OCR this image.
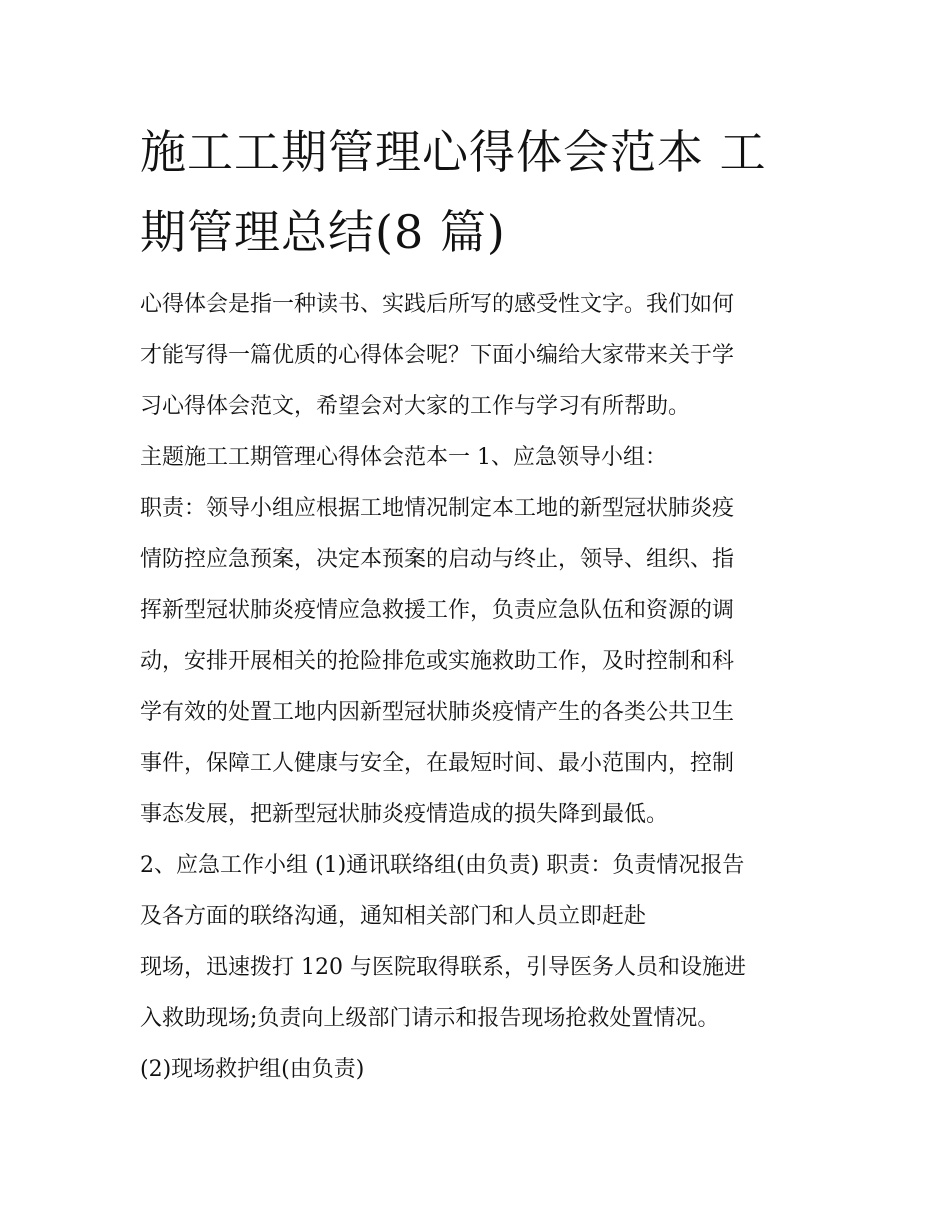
施工工期管理心得体会范本 工
期管理总结(8 篇)
心得体会是指一种读书、实践后所写的感受性文字。我们如何
才能写得一篇优质的心得体会呢？下面小编给大家带来关于学
习心得体会范文，希望会对大家的工作与学习有所帮助。
主题施工工期管理心得体会范本一 1、应急领导小组：
职责：领导小组应根据工地情况制定本工地的新型冠状肺炎疫
情防控应急预案，决定本预案的启动与终止，领导、组织、指
挥新型冠状肺炎疫情应急救援工作，负责应急队伍和资源的调
动，安排开展相关的抢险排危或实施救助工作，及时控制和科
学有效的处置工地内因新型冠状肺炎疫情产生的各类公共卫生
事件，保障工人健康与安全，在最短时间、最小范围内，控制
事态发展，把新型冠状肺炎疫情造成的损失降到最低。
2、应急工作小组 (1)通讯联络组(由负责) 职责：负责情况报告
及各方面的联络沟通，通知相关部门和人员立即赶赴
现场，迅速拨打 120 与医院取得联系，引导医务人员和设施进
入救助现场;负责向上级部门请示和报告现场抢救处置情况。
(2)现场救护组(由负责)
